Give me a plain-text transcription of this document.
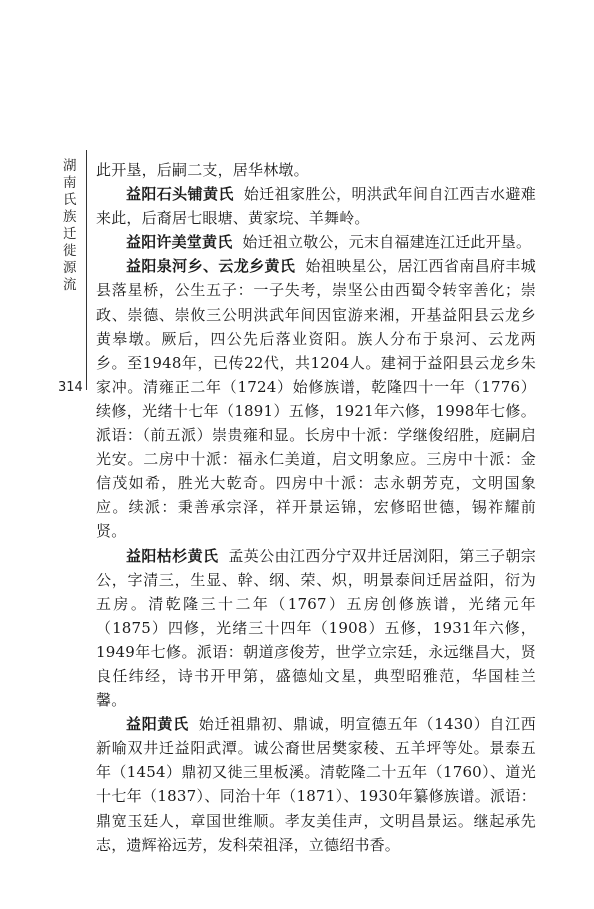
湖南氏族迁徙源流
314

此开垦，后嗣二支，居华林墩。

益阳石头铺黄氏 始迁祖家胜公，明洪武年间自江西吉水避难来此，后裔居七眼塘、黄家垸、羊舞岭。

益阳许美堂黄氏 始迁祖立敬公，元末自福建连江迁此开垦。

益阳泉河乡、云龙乡黄氏 始祖映星公，居江西省南昌府丰城县落星桥，公生五子：一子失考，崇坚公由西蜀令转宰善化；崇政、崇德、崇攸三公明洪武年间因宦游来湘，开基益阳县云龙乡黄皋墩。厥后，四公先后落业资阳。族人分布于泉河、云龙两乡。至1948年，已传22代，共1204人。建祠于益阳县云龙乡朱家冲。清雍正二年（1724）始修族谱，乾隆四十一年（1776）续修，光绪十七年（1891）五修，1921年六修，1998年七修。派语：（前五派）崇贵雍和显。长房中十派：学继俊绍胜，庭嗣启光安。二房中十派：福永仁美道，启文明象应。三房中十派：金信茂如希，胜光大乾奇。四房中十派：志永朝芳克，文明国象应。续派：秉善承宗泽，祥开景运锦，宏修昭世德，锡祚耀前贤。

益阳枯杉黄氏 孟英公由江西分宁双井迁居浏阳，第三子朝宗公，字清三，生显、幹、纲、荣、炽，明景泰间迁居益阳，衍为五房。清乾隆三十二年（1767）五房创修族谱，光绪元年（1875）四修，光绪三十四年（1908）五修，1931年六修，1949年七修。派语：朝道彦俊芳，世学立宗廷，永远继昌大，贤良任纬经，诗书开甲第，盛德灿文星，典型昭雅范，华国桂兰馨。

益阳黄氏 始迁祖鼎初、鼎诚，明宣德五年（1430）自江西新喻双井迁益阳武潭。诚公裔世居樊家稜、五羊坪等处。景泰五年（1454）鼎初又徙三里板溪。清乾隆二十五年（1760）、道光十七年（1837）、同治十年（1871）、1930年纂修族谱。派语：鼎宽玉廷人，章国世维顺。孝友美佳声，文明昌景运。继起承先志，遗辉裕远芳，发科荣祖泽，立德绍书香。
